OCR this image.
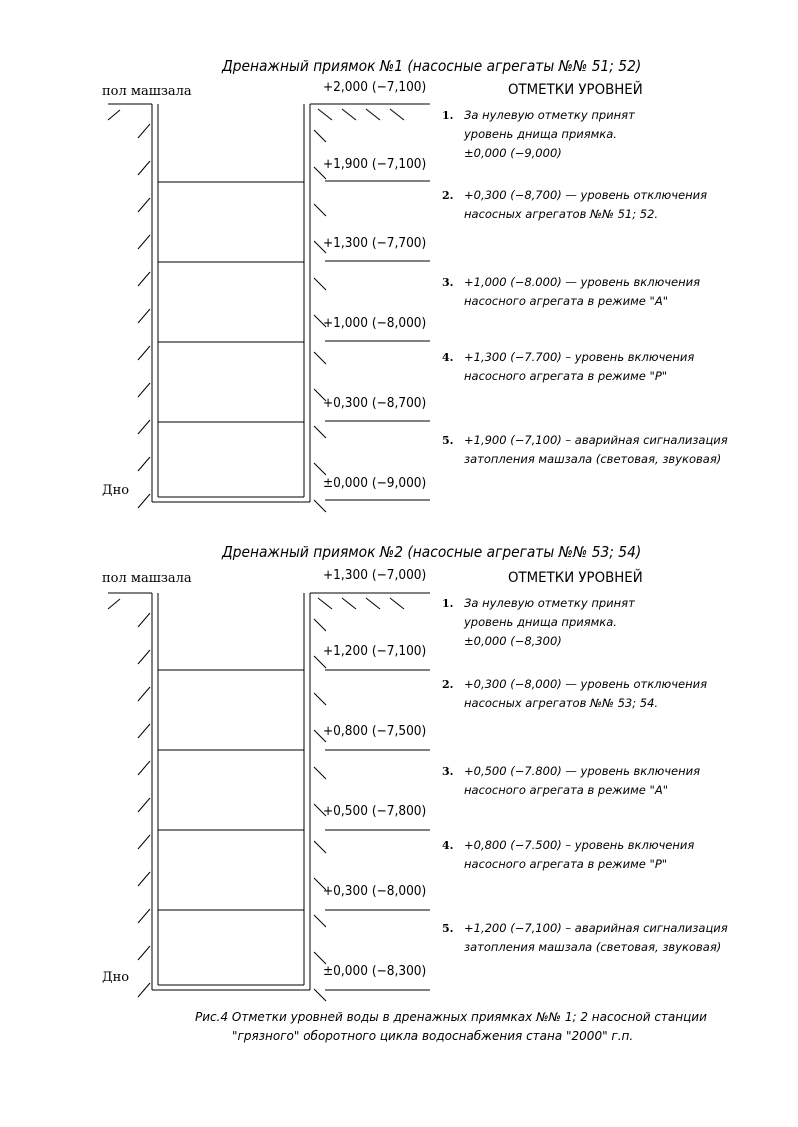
Дренажный приямок №1 (насосные агрегаты №№ 51; 52)
пол машзала
Дно
+2,000 (−7,100)
+1,900 (−7,100)
+1,300 (−7,700)
+1,000 (−8,000)
+0,300 (−8,700)
±0,000 (−9,000)
ОТМЕТКИ УРОВНЕЙ
1. За нулевую отметку принят
уровень днища приямка.
±0,000 (−9,000)
2. +0,300 (−8,700) — уровень отключения
насосных агрегатов №№ 51; 52.
3. +1,000 (−8.000) — уровень включения
насосного агрегата в режиме "А"
4. +1,300 (−7.700) – уровень включения
насосного агрегата в режиме "Р"
5. +1,900 (−7,100) – аварийная сигнализация
затопления машзала (световая, звуковая)
Дренажный приямок №2 (насосные агрегаты №№ 53; 54)
пол машзала
Дно
+1,300 (−7,000)
+1,200 (−7,100)
+0,800 (−7,500)
+0,500 (−7,800)
+0,300 (−8,000)
±0,000 (−8,300)
ОТМЕТКИ УРОВНЕЙ
1. За нулевую отметку принят
уровень днища приямка.
±0,000 (−8,300)
2. +0,300 (−8,000) — уровень отключения
насосных агрегатов №№ 53; 54.
3. +0,500 (−7.800) — уровень включения
насосного агрегата в режиме "А"
4. +0,800 (−7.500) – уровень включения
насосного агрегата в режиме "Р"
5. +1,200 (−7,100) – аварийная сигнализация
затопления машзала (световая, звуковая)
Рис.4 Отметки уровней воды в дренажных приямках №№ 1; 2 насосной станции
"грязного" оборотного цикла водоснабжения стана "2000" г.п.
